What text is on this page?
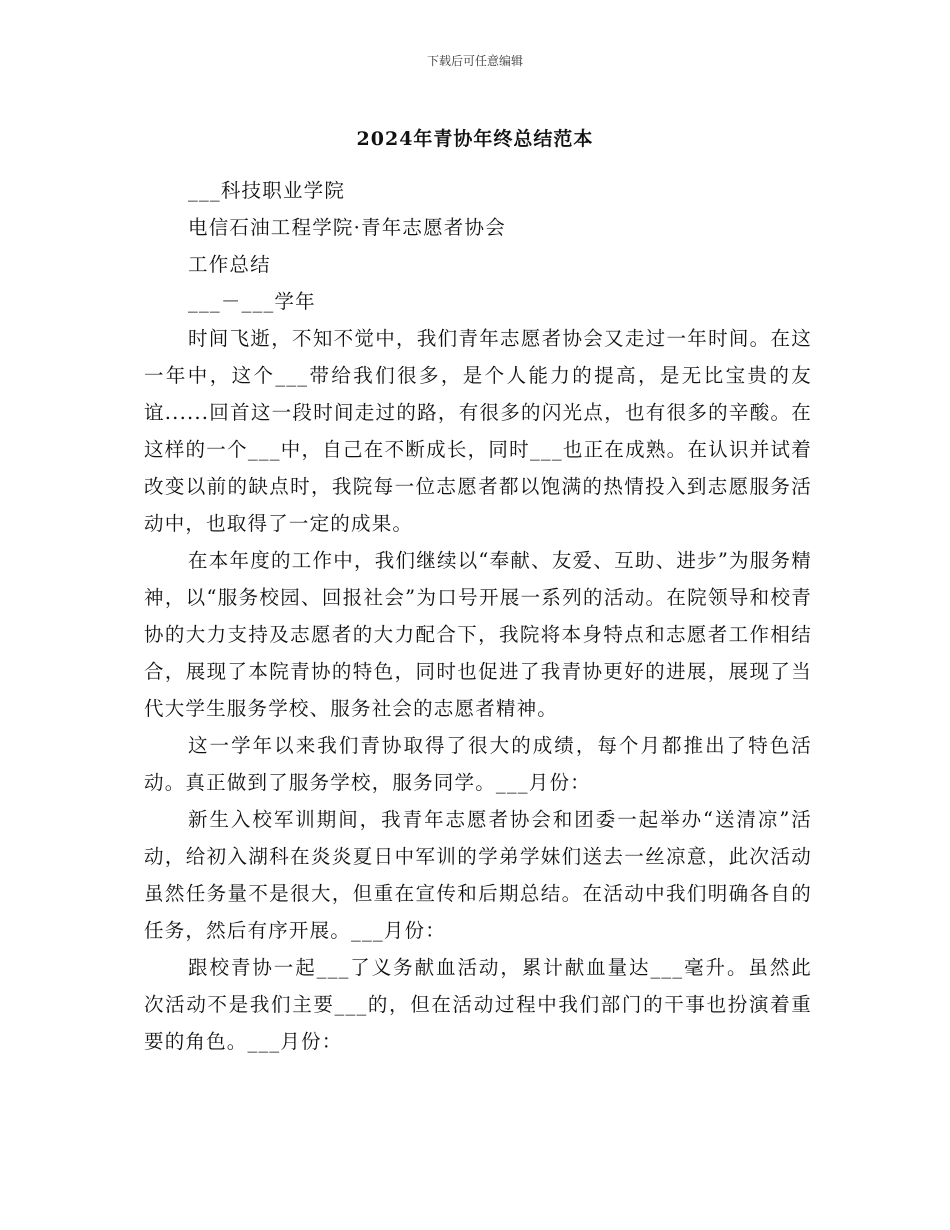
下载后可任意编辑
2024年青协年终总结范本
___科技职业学院
电信石油工程学院·青年志愿者协会
工作总结
___－___学年
时间飞逝，不知不觉中，我们青年志愿者协会又走过一年时间。在这一年中，这个___带给我们很多，是个人能力的提高，是无比宝贵的友谊......回首这一段时间走过的路，有很多的闪光点，也有很多的辛酸。在这样的一个___中，自己在不断成长，同时___也正在成熟。在认识并试着改变以前的缺点时，我院每一位志愿者都以饱满的热情投入到志愿服务活动中，也取得了一定的成果。
在本年度的工作中，我们继续以“奉献、友爱、互助、进步”为服务精神，以“服务校园、回报社会”为口号开展一系列的活动。在院领导和校青协的大力支持及志愿者的大力配合下，我院将本身特点和志愿者工作相结合，展现了本院青协的特色，同时也促进了我青协更好的进展，展现了当代大学生服务学校、服务社会的志愿者精神。
这一学年以来我们青协取得了很大的成绩，每个月都推出了特色活动。真正做到了服务学校，服务同学。___月份：
新生入校军训期间，我青年志愿者协会和团委一起举办“送清凉”活动，给初入湖科在炎炎夏日中军训的学弟学妹们送去一丝凉意，此次活动虽然任务量不是很大，但重在宣传和后期总结。在活动中我们明确各自的任务，然后有序开展。___月份：
跟校青协一起___了义务献血活动，累计献血量达___毫升。虽然此次活动不是我们主要___的，但在活动过程中我们部门的干事也扮演着重要的角色。___月份：
